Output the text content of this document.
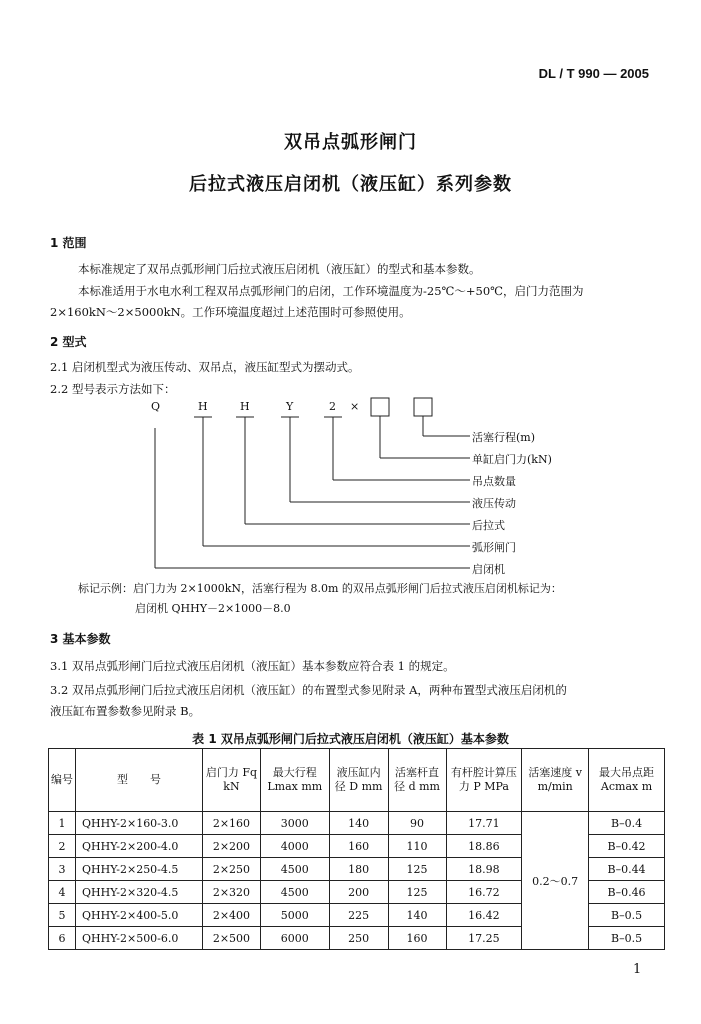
DL / T 990 — 2005
双吊点弧形闸门
后拉式液压启闭机（液压缸）系列参数
1 范围
本标准规定了双吊点弧形闸门后拉式液压启闭机（液压缸）的型式和基本参数。
本标准适用于水电水利工程双吊点弧形闸门的启闭，工作环境温度为-25℃～+50℃，启门力范围为
2×160kN～2×5000kN。工作环境温度超过上述范围时可参照使用。
2 型式
2.1 启闭机型式为液压传动、双吊点，液压缸型式为摆动式。
2.2 型号表示方法如下：
Q	H	H	Y	2 ×
活塞行程(m)
单缸启门力(kN)
吊点数量
液压传动
后拉式
弧形闸门
启闭机
标记示例：启门力为 2×1000kN，活塞行程为 8.0m 的双吊点弧形闸门后拉式液压启闭机标记为：
启闭机 QHHY－2×1000－8.0
3 基本参数
3.1 双吊点弧形闸门后拉式液压启闭机（液压缸）基本参数应符合表 1 的规定。
3.2 双吊点弧形闸门后拉式液压启闭机（液压缸）的布置型式参见附录 A，两种布置型式液压启闭机的
液压缸布置参数参见附录 B。
表 1 双吊点弧形闸门后拉式液压启闭机（液压缸）基本参数
编号	型　　号	启门力 Fq kN	最大行程 Lmax mm	液压缸内径 D mm	活塞杆直径 d mm	有杆腔计算压力 P MPa	活塞速度 v m/min	最大吊点距 Acmax m
1	QHHY-2×160-3.0	2×160	3000	140	90	17.71	0.2～0.7	B–0.4
2	QHHY-2×200-4.0	2×200	4000	160	110	18.86		B–0.42
3	QHHY-2×250-4.5	2×250	4500	180	125	18.98		B–0.44
4	QHHY-2×320-4.5	2×320	4500	200	125	16.72		B–0.46
5	QHHY-2×400-5.0	2×400	5000	225	140	16.42		B–0.5
6	QHHY-2×500-6.0	2×500	6000	250	160	17.25		B–0.5
1
